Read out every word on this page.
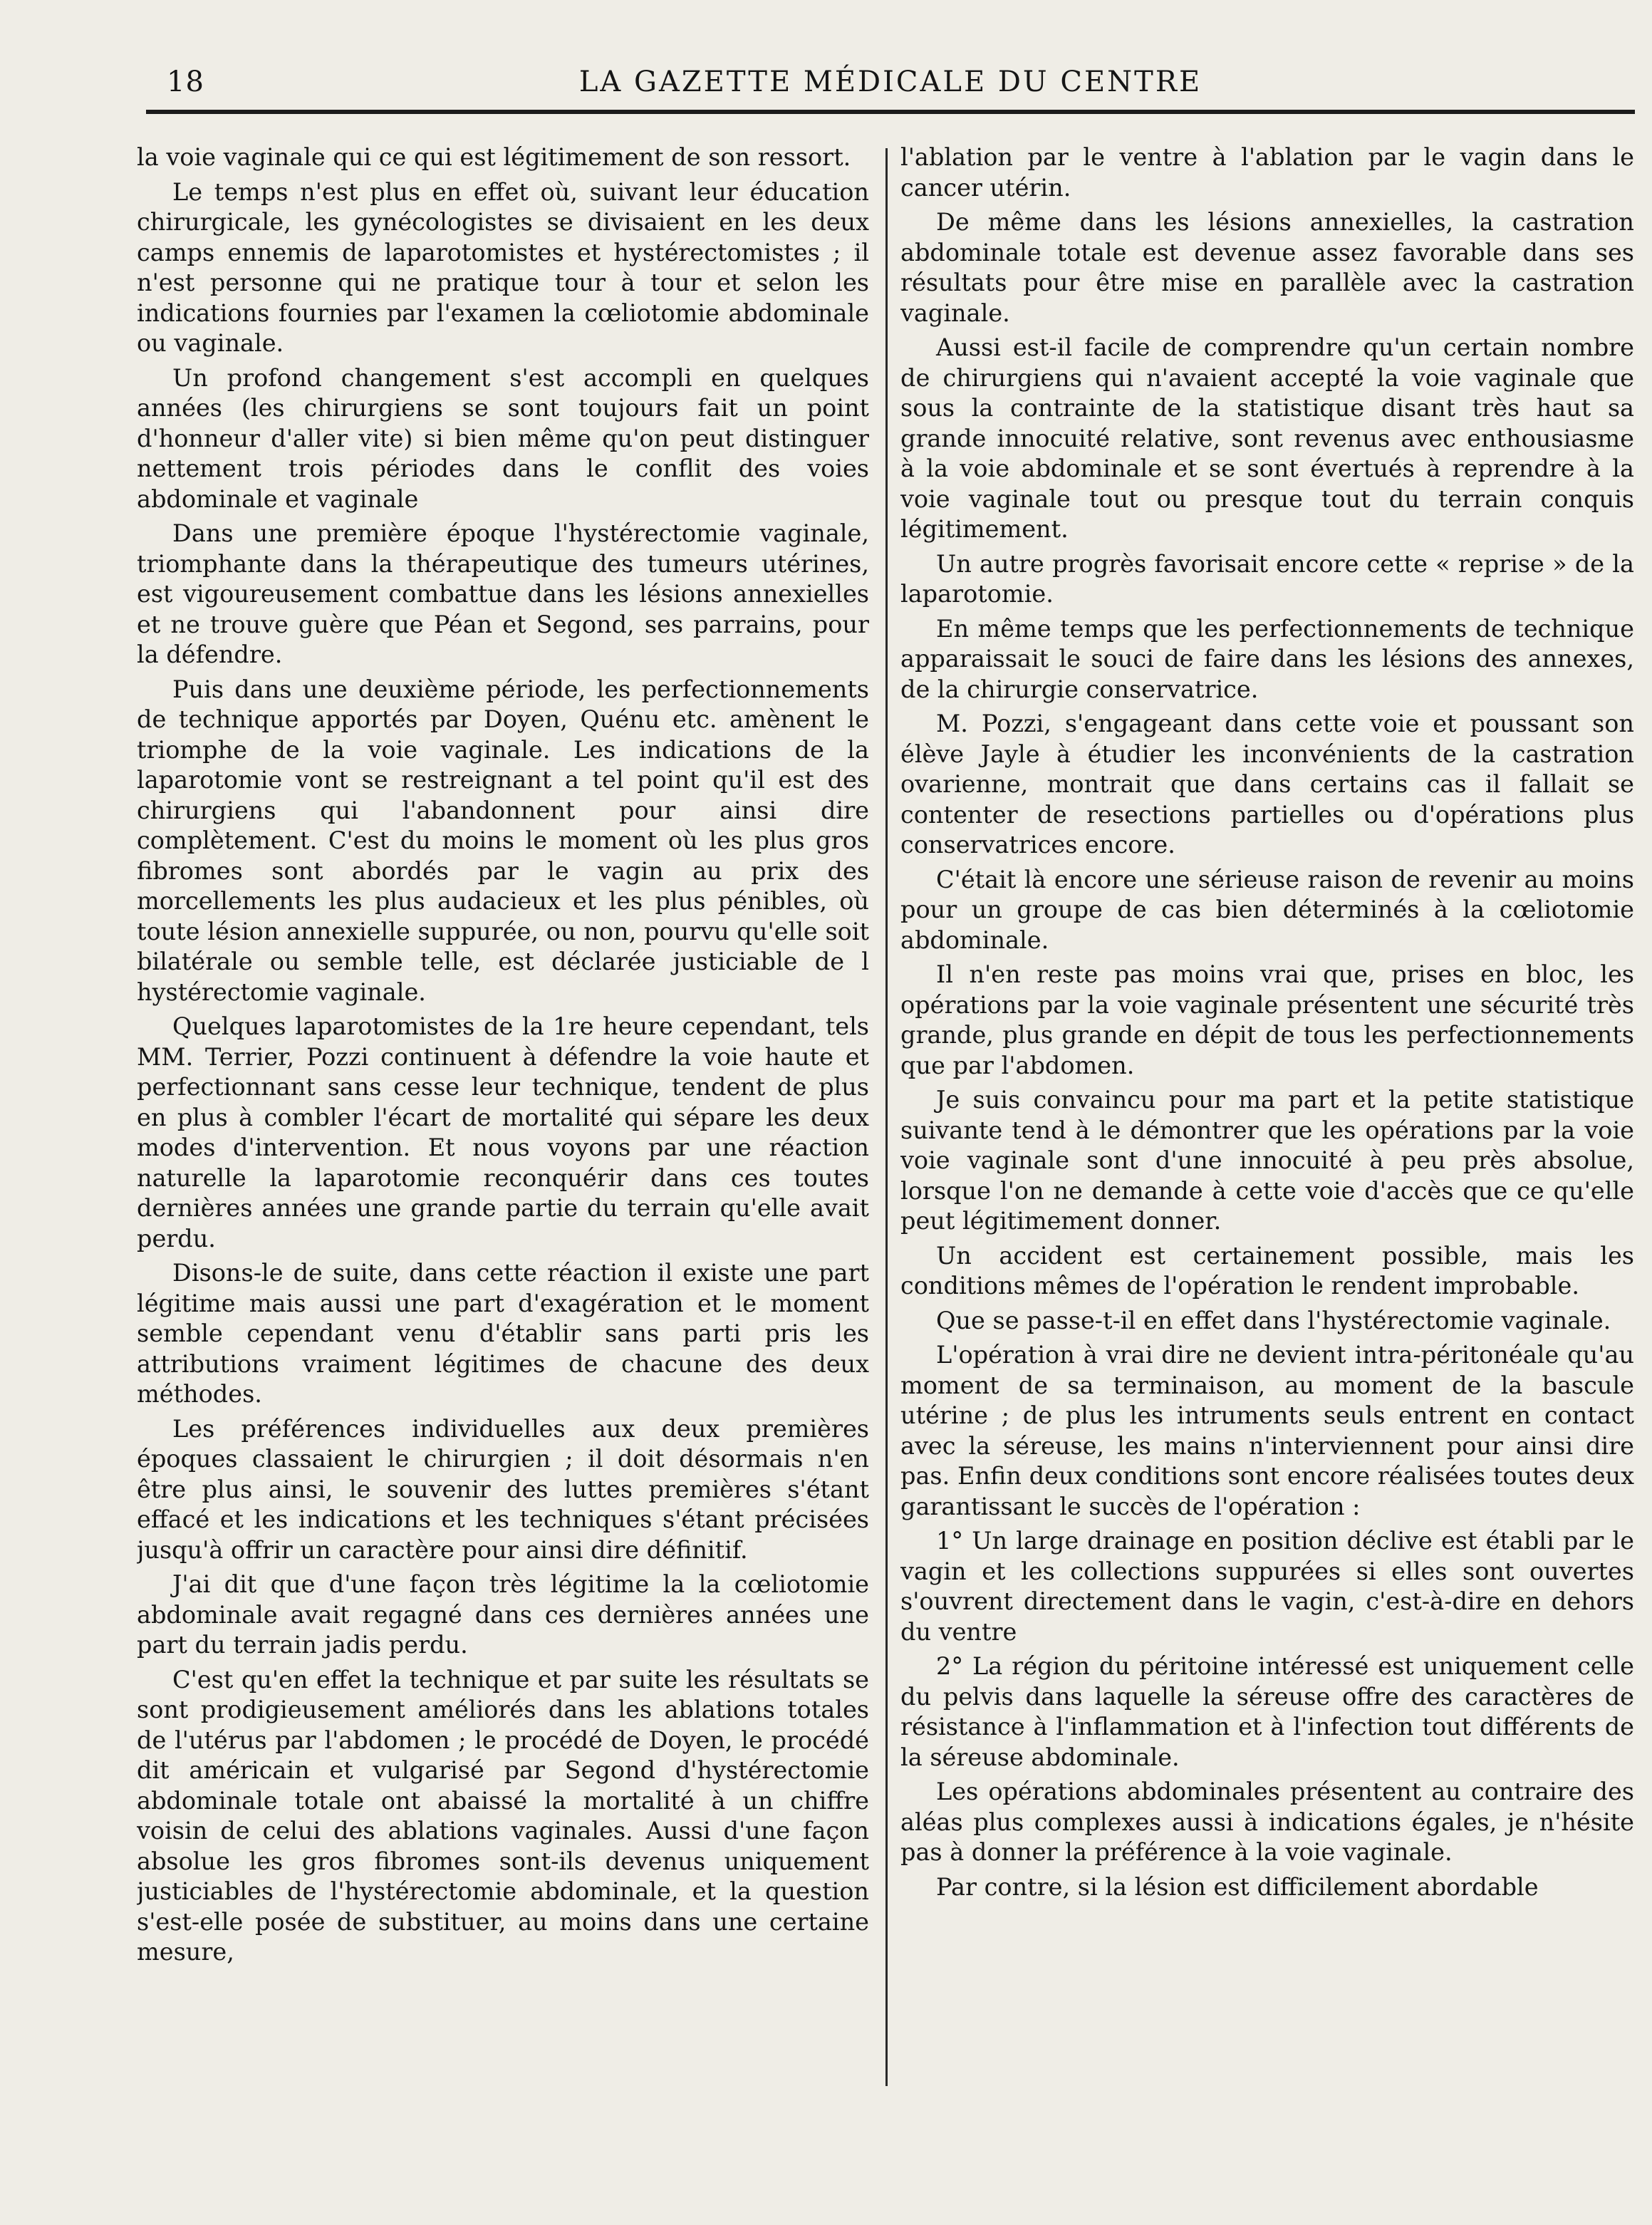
18	LA GAZETTE MÉDICALE DU CENTRE

la voie vaginale qui ce qui est légitimement de son ressort.

Le temps n'est plus en effet où, suivant leur éducation chirurgicale, les gynécologistes se divisaient en les deux camps ennemis de laparotomistes et hystérectomistes ; il n'est personne qui ne pratique tour à tour et selon les indications fournies par l'examen la cœliotomie abdominale ou vaginale.

Un profond changement s'est accompli en quelques années (les chirurgiens se sont toujours fait un point d'honneur d'aller vite) si bien même qu'on peut distinguer nettement trois périodes dans le conflit des voies abdominale et vaginale

Dans une première époque l'hystérectomie vaginale, triomphante dans la thérapeutique des tumeurs utérines, est vigoureusement combattue dans les lésions annexielles et ne trouve guère que Péan et Segond, ses parrains, pour la défendre.

Puis dans une deuxième période, les perfectionnements de technique apportés par Doyen, Quénu etc. amènent le triomphe de la voie vaginale. Les indications de la laparotomie vont se restreignant a tel point qu'il est des chirurgiens qui l'abandonnent pour ainsi dire complètement. C'est du moins le moment où les plus gros fibromes sont abordés par le vagin au prix des morcellements les plus audacieux et les plus pénibles, où toute lésion annexielle suppurée, ou non, pourvu qu'elle soit bilatérale ou semble telle, est déclarée justiciable de l hystérectomie vaginale.

Quelques laparotomistes de la 1re heure cependant, tels MM. Terrier, Pozzi continuent à défendre la voie haute et perfectionnant sans cesse leur technique, tendent de plus en plus à combler l'écart de mortalité qui sépare les deux modes d'intervention. Et nous voyons par une réaction naturelle la laparotomie reconquérir dans ces toutes dernières années une grande partie du terrain qu'elle avait perdu.

Disons-le de suite, dans cette réaction il existe une part légitime mais aussi une part d'exagération et le moment semble cependant venu d'établir sans parti pris les attributions vraiment légitimes de chacune des deux méthodes.

Les préférences individuelles aux deux premières époques classaient le chirurgien ; il doit désormais n'en être plus ainsi, le souvenir des luttes premières s'étant effacé et les indications et les techniques s'étant précisées jusqu'à offrir un caractère pour ainsi dire définitif.

J'ai dit que d'une façon très légitime la la cœliotomie abdominale avait regagné dans ces dernières années une part du terrain jadis perdu.

C'est qu'en effet la technique et par suite les résultats se sont prodigieusement améliorés dans les ablations totales de l'utérus par l'abdomen ; le procédé de Doyen, le procédé dit américain et vulgarisé par Segond d'hystérectomie abdominale totale ont abaissé la mortalité à un chiffre voisin de celui des ablations vaginales. Aussi d'une façon absolue les gros fibromes sont-ils devenus uniquement justiciables de l'hystérectomie abdominale, et la question s'est-elle posée de substituer, au moins dans une certaine mesure,

l'ablation par le ventre à l'ablation par le vagin dans le cancer utérin.

De même dans les lésions annexielles, la castration abdominale totale est devenue assez favorable dans ses résultats pour être mise en parallèle avec la castration vaginale.

Aussi est-il facile de comprendre qu'un certain nombre de chirurgiens qui n'avaient accepté la voie vaginale que sous la contrainte de la statistique disant très haut sa grande innocuité relative, sont revenus avec enthousiasme à la voie abdominale et se sont évertués à reprendre à la voie vaginale tout ou presque tout du terrain conquis légitimement.

Un autre progrès favorisait encore cette « reprise » de la laparotomie.

En même temps que les perfectionnements de technique apparaissait le souci de faire dans les lésions des annexes, de la chirurgie conservatrice.

M. Pozzi, s'engageant dans cette voie et poussant son élève Jayle à étudier les inconvénients de la castration ovarienne, montrait que dans certains cas il fallait se contenter de resections partielles ou d'opérations plus conservatrices encore.

C'était là encore une sérieuse raison de revenir au moins pour un groupe de cas bien déterminés à la cœliotomie abdominale.

Il n'en reste pas moins vrai que, prises en bloc, les opérations par la voie vaginale présentent une sécurité très grande, plus grande en dépit de tous les perfectionnements que par l'abdomen.

Je suis convaincu pour ma part et la petite statistique suivante tend à le démontrer que les opérations par la voie voie vaginale sont d'une innocuité à peu près absolue, lorsque l'on ne demande à cette voie d'accès que ce qu'elle peut légitimement donner.

Un accident est certainement possible, mais les conditions mêmes de l'opération le rendent improbable.

Que se passe-t-il en effet dans l'hystérectomie vaginale.

L'opération à vrai dire ne devient intra-péritonéale qu'au moment de sa terminaison, au moment de la bascule utérine ; de plus les intruments seuls entrent en contact avec la séreuse, les mains n'interviennent pour ainsi dire pas. Enfin deux conditions sont encore réalisées toutes deux garantissant le succès de l'opération :

1° Un large drainage en position déclive est établi par le vagin et les collections suppurées si elles sont ouvertes s'ouvrent directement dans le vagin, c'est-à-dire en dehors du ventre

2° La région du péritoine intéressé est uniquement celle du pelvis dans laquelle la séreuse offre des caractères de résistance à l'inflammation et à l'infection tout différents de la séreuse abdominale.

Les opérations abdominales présentent au contraire des aléas plus complexes aussi à indications égales, je n'hésite pas à donner la préférence à la voie vaginale.

Par contre, si la lésion est difficilement abordable
